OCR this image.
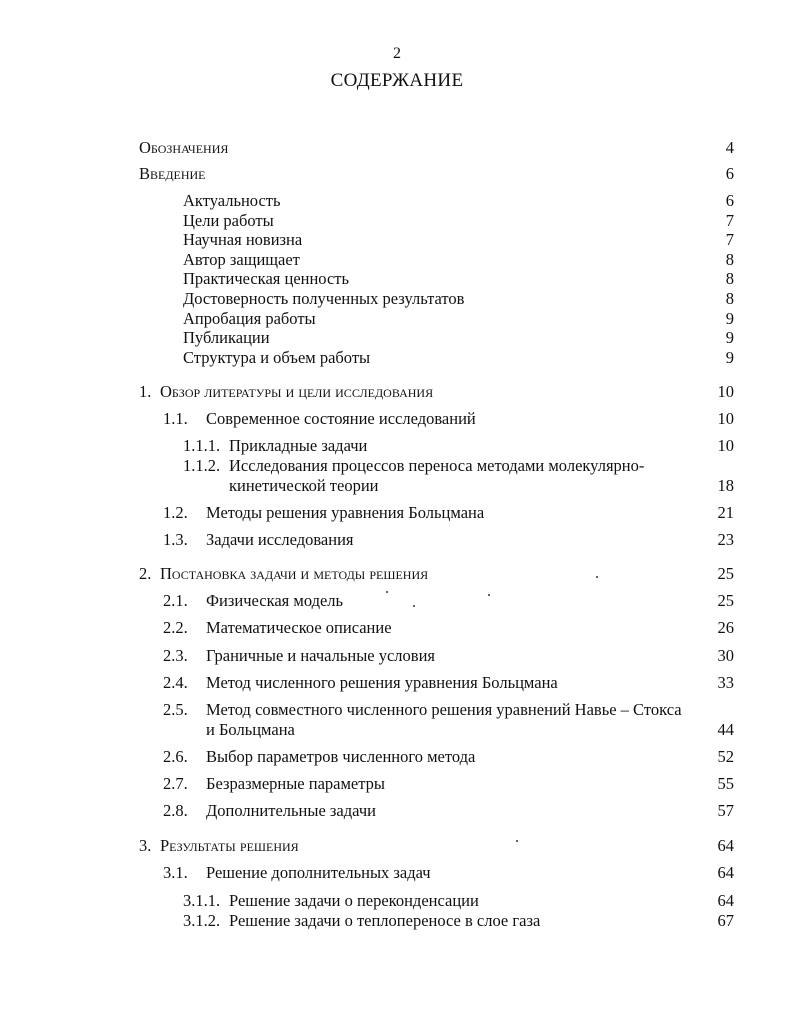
2
СОДЕРЖАНИЕ
Обозначения	4
Введение	6
Актуальность	6
Цели работы	7
Научная новизна	7
Автор защищает	8
Практическая ценность	8
Достоверность полученных результатов	8
Апробация работы	9
Публикации	9
Структура и объем работы	9
1. Обзор литературы и цели исследования	10
1.1. Современное состояние исследований	10
1.1.1. Прикладные задачи	10
1.1.2. Исследования процессов переноса методами молекулярно-
кинетической теории	18
1.2. Методы решения уравнения Больцмана	21
1.3. Задачи исследования	23
2. Постановка задачи и методы решения	25
2.1. Физическая модель	25
2.2. Математическое описание	26
2.3. Граничные и начальные условия	30
2.4. Метод численного решения уравнения Больцмана	33
2.5. Метод совместного численного решения уравнений Навье – Стокса
и Больцмана	44
2.6. Выбор параметров численного метода	52
2.7. Безразмерные параметры	55
2.8. Дополнительные задачи	57
3. Результаты решения	64
3.1. Решение дополнительных задач	64
3.1.1. Решение задачи о переконденсации	64
3.1.2. Решение задачи о теплопереносе в слое газа	67
